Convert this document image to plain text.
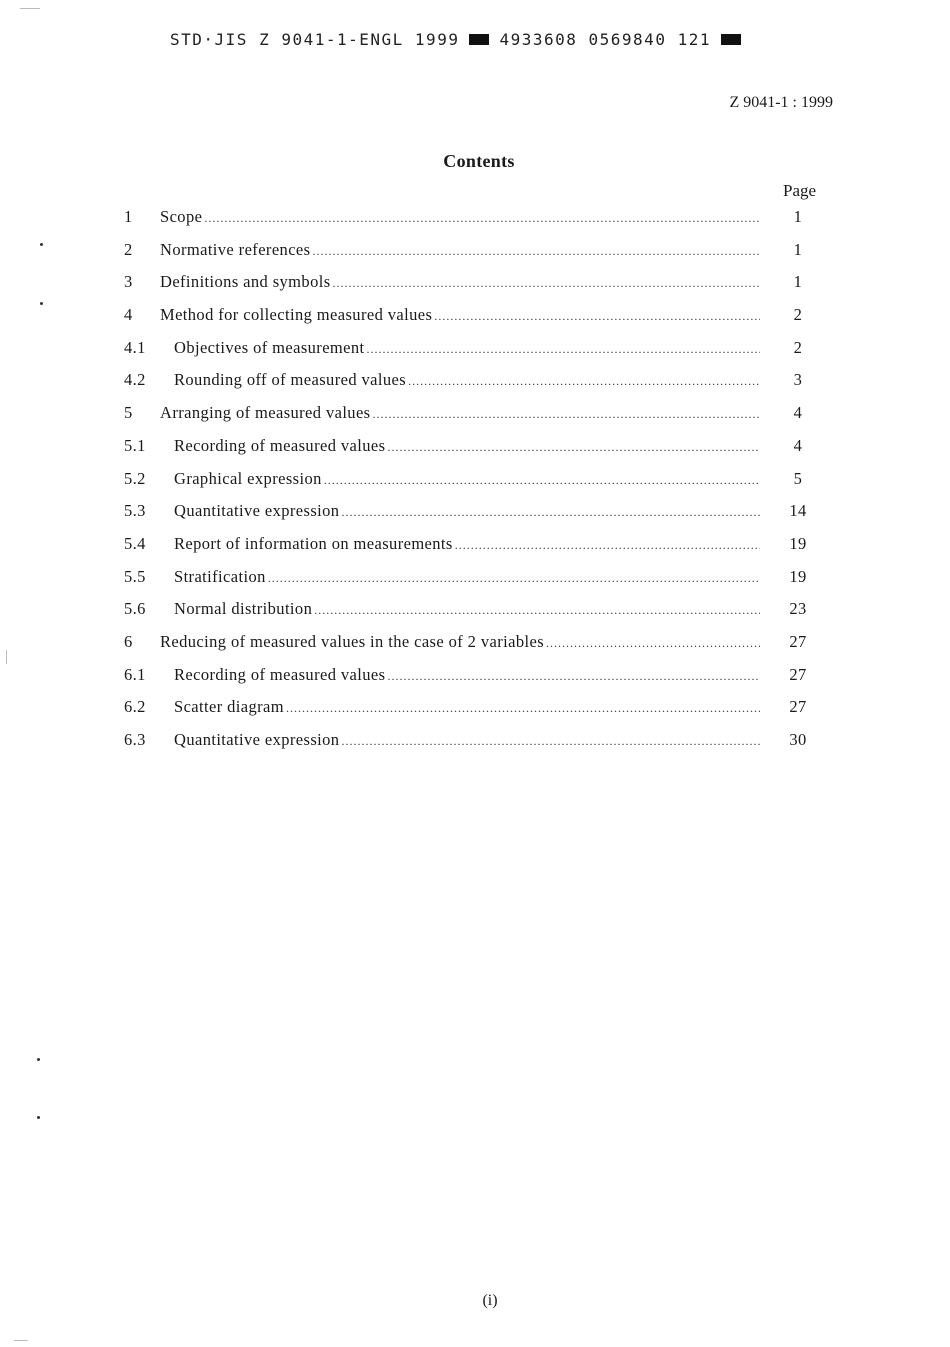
STD·JIS Z 9041-1-ENGL 1999	4933608 0569840 121
Z 9041-1 : 1999
Contents
Page
1	Scope .....	1
2	Normative references .....	1
3	Definitions and symbols .....	1
4	Method for collecting measured values .....	2
4.1	Objectives of measurement .....	2
4.2	Rounding off of measured values .....	3
5	Arranging of measured values .....	4
5.1	Recording of measured values .....	4
5.2	Graphical expression .....	5
5.3	Quantitative expression .....	14
5.4	Report of information on measurements .....	19
5.5	Stratification .....	19
5.6	Normal distribution .....	23
6	Reducing of measured values in the case of 2 variables .....	27
6.1	Recording of measured values .....	27
6.2	Scatter diagram .....	27
6.3	Quantitative expression .....	30
(i)
